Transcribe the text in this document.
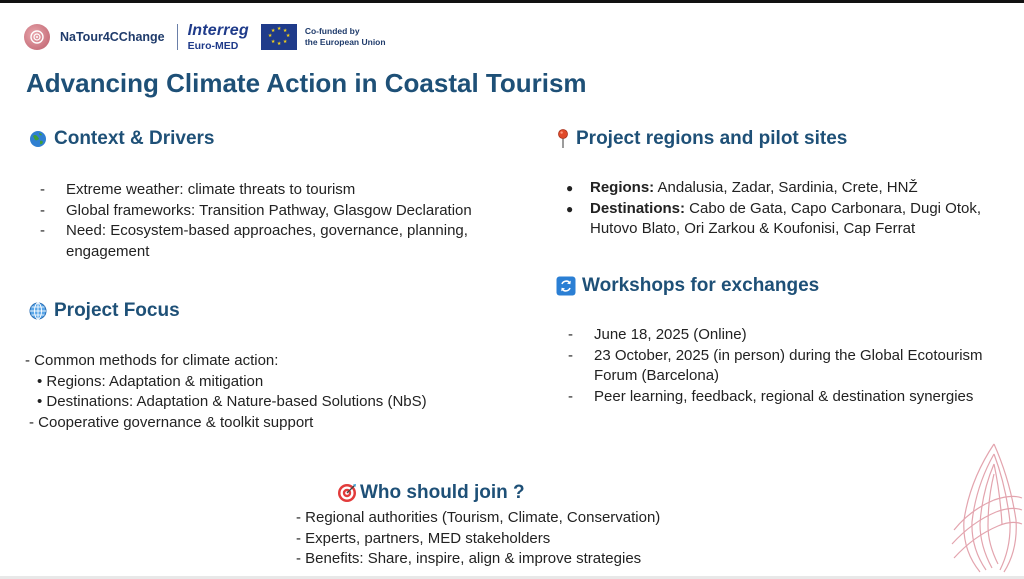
NaTour4CChange Interreg
Euro-MED
★ ★
★
★
★
★
★
★	Co-funded by
the European Union
Advancing Climate Action in Coastal Tourism
Context & Drivers
- Extreme weather: climate threats to tourism
- Global frameworks: Transition Pathway, Glasgow Declaration
- Need: Ecosystem-based approaches, governance, planning, engagement
Project Focus
- Common methods for climate action:
• Regions: Adaptation & mitigation
• Destinations: Adaptation & Nature-based Solutions (NbS)
- Cooperative governance & toolkit support
Project regions and pilot sites
● Regions: Andalusia, Zadar, Sardinia, Crete, HNŽ
● Destinations: Cabo de Gata, Capo Carbonara, Dugi Otok, Hutovo Blato, Ori Zarkou & Koufonisi, Cap Ferrat
Workshops for exchanges
- June 18, 2025 (Online)
- 23 October, 2025 (in person) during the Global Ecotourism Forum (Barcelona)
- Peer learning, feedback, regional & destination synergies
Who should join ?
- Regional authorities (Tourism, Climate, Conservation)
- Experts, partners, MED stakeholders
- Benefits: Share, inspire, align & improve strategies
